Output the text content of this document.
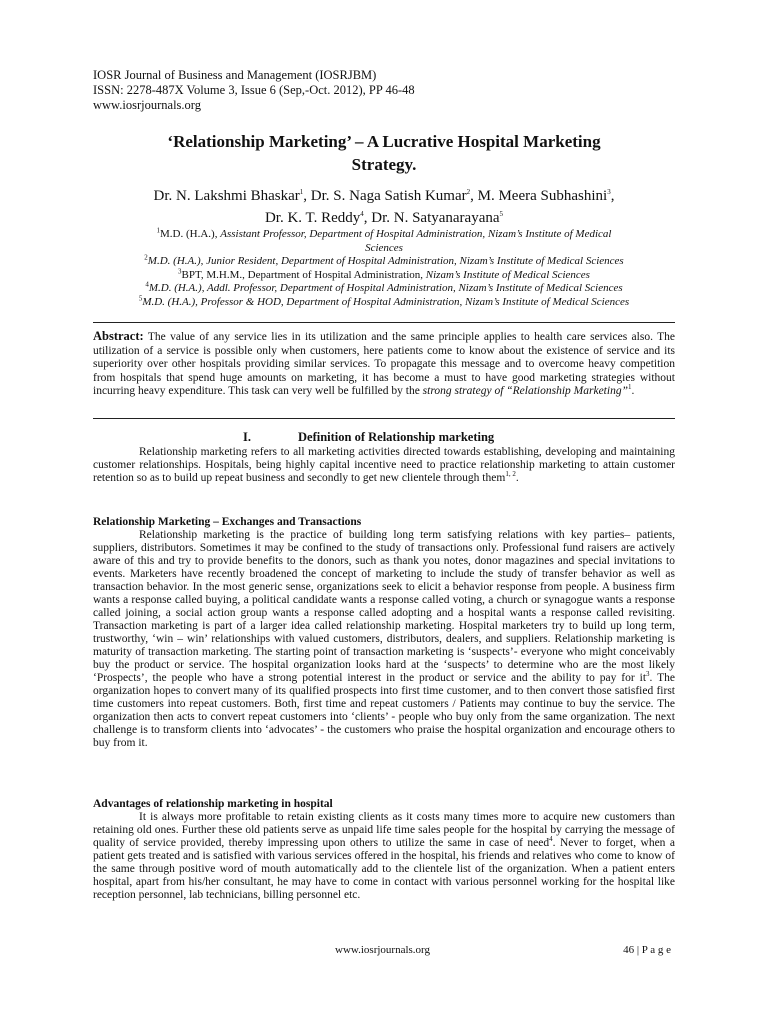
IOSR Journal of Business and Management (IOSRJBM)
ISSN: 2278-487X Volume 3, Issue 6 (Sep,-Oct. 2012), PP 46-48
www.iosrjournals.org
‘Relationship Marketing’ – A Lucrative Hospital Marketing
Strategy.
Dr. N. Lakshmi Bhaskar$^1$, Dr. S. Naga Satish Kumar$^2$, M. Meera Subhashini$^3$,
Dr. K. T. Reddy$^4$, Dr. N. Satyanarayana$^5$
$^1$M.D. (H.A.), Assistant Professor, Department of Hospital Administration, Nizam’s Institute of Medical
Sciences
$^2$M.D. (H.A.), Junior Resident, Department of Hospital Administration, Nizam’s Institute of Medical Sciences
$^3$BPT, M.H.M., Department of Hospital Administration, Nizam’s Institute of Medical Sciences
$^4$M.D. (H.A.), Addl. Professor, Department of Hospital Administration, Nizam’s Institute of Medical Sciences
$^5$M.D. (H.A.), Professor & HOD, Department of Hospital Administration, Nizam’s Institute of Medical Sciences
Abstract: The value of any service lies in its utilization and the same principle applies to health care services also. The utilization of a service is possible only when customers, here patients come to know about the existence of service and its superiority over other hospitals providing similar services. To propagate this message and to overcome heavy competition from hospitals that spend huge amounts on marketing, it has become a must to have good marketing strategies without incurring heavy expenditure. This task can very well be fulfilled by the strong strategy of “Relationship Marketing”$^1$.
I.	Definition of Relationship marketing

Relationship marketing refers to all marketing activities directed towards establishing, developing and maintaining customer relationships. Hospitals, being highly capital incentive need to practice relationship marketing to attain customer retention so as to build up repeat business and secondly to get new clientele through them$^{1, 2}$.

Relationship Marketing – Exchanges and Transactions

Relationship marketing is the practice of building long term satisfying relations with key parties– patients, suppliers, distributors. Sometimes it may be confined to the study of transactions only. Professional fund raisers are actively aware of this and try to provide benefits to the donors, such as thank you notes, donor magazines and special invitations to events. Marketers have recently broadened the concept of marketing to include the study of transfer behavior as well as transaction behavior. In the most generic sense, organizations seek to elicit a behavior response from people. A business firm wants a response called buying, a political candidate wants a response called voting, a church or synagogue wants a response called joining, a social action group wants a response called adopting and a hospital wants a response called revisiting. Transaction marketing is part of a larger idea called relationship marketing. Hospital marketers try to build up long term, trustworthy, ‘win – win’ relationships with valued customers, distributors, dealers, and suppliers. Relationship marketing is maturity of transaction marketing. The starting point of transaction marketing is ‘suspects’- everyone who might conceivably buy the product or service. The hospital organization looks hard at the ‘suspects’ to determine who are the most likely ‘Prospects’, the people who have a strong potential interest in the product or service and the ability to pay for $it^3$. The organization hopes to convert many of its qualified prospects into first time customer, and to then convert those satisfied first time customers into repeat customers. Both, first time and repeat customers / Patients may continue to buy the service. The organization then acts to convert repeat customers into ‘clients’ - people who buy only from the same organization. The next challenge is to transform clients into ‘advocates’ - the customers who praise the hospital organization and encourage others to buy from it.

Advantages of relationship marketing in hospital

It is always more profitable to retain existing clients as it costs many times more to acquire new customers than retaining old ones. Further these old patients serve as unpaid life time sales people for the hospital by carrying the message of quality of service provided, thereby impressing upon others to utilize the same in case of need$^4$. Never to forget, when a patient gets treated and is satisfied with various services offered in the hospital, his friends and relatives who come to know of the same through positive word of mouth automatically add to the clientele list of the organization. When a patient enters hospital, apart from his/her consultant, he may have to come in contact with various personnel working for the hospital like reception personnel, lab technicians, billing personnel etc.

www.iosrjournals.org	46 | P a g e
